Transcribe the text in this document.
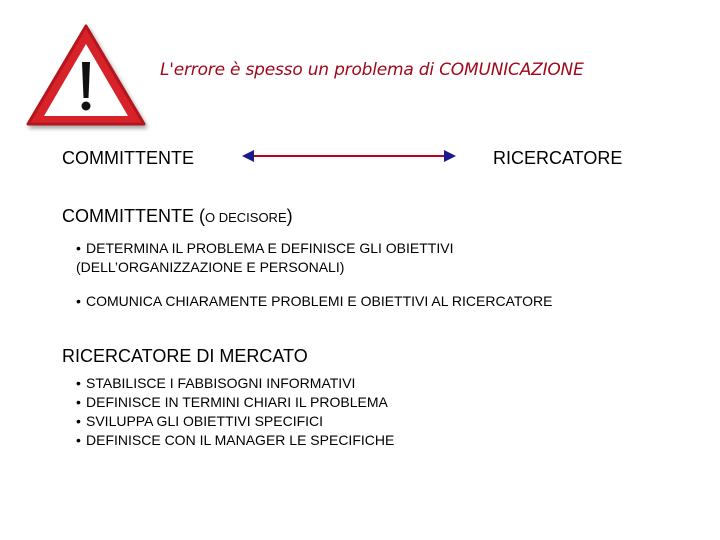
L'errore è spesso un problema di COMUNICAZIONE
COMMITTENTE	RICERCATORE
COMMITTENTE (O DECISORE)
• DETERMINA IL PROBLEMA E DEFINISCE GLI OBIETTIVI
(DELL’ORGANIZZAZIONE E PERSONALI)
• COMUNICA CHIARAMENTE PROBLEMI E OBIETTIVI AL RICERCATORE
RICERCATORE DI MERCATO
• STABILISCE I FABBISOGNI INFORMATIVI
• DEFINISCE IN TERMINI CHIARI IL PROBLEMA
• SVILUPPA GLI OBIETTIVI SPECIFICI
• DEFINISCE CON IL MANAGER LE SPECIFICHE
